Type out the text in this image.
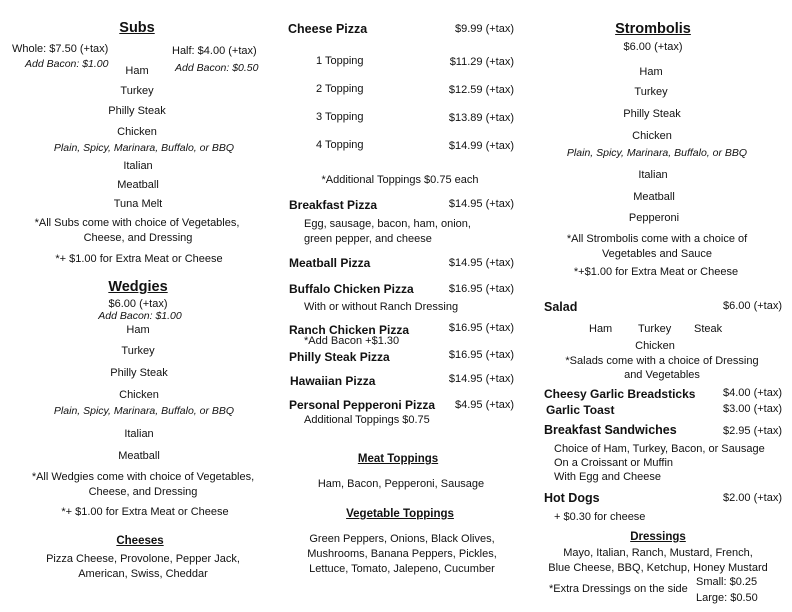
Subs
Whole: $7.50 (+tax)
Add Bacon: $1.00
Half: $4.00 (+tax)
Add Bacon: $0.50
Ham
Turkey
Philly Steak
Chicken
Plain, Spicy, Marinara, Buffalo, or BBQ
Italian
Meatball
Tuna Melt
*All Subs come with choice of Vegetables,
Cheese, and Dressing
*+ $1.00 for Extra Meat or Cheese
Wedgies
$6.00 (+tax)
Add Bacon: $1.00
Ham
Turkey
Philly Steak
Chicken
Plain, Spicy, Marinara, Buffalo, or BBQ
Italian
Meatball
*All Wedgies come with choice of Vegetables,
Cheese, and Dressing
*+ $1.00 for Extra Meat or Cheese
Cheeses
Pizza Cheese, Provolone, Pepper Jack,
American, Swiss, Cheddar
Cheese Pizza	$9.99 (+tax)
1 Topping	$11.29 (+tax)
2 Topping	$12.59 (+tax)
3 Topping	$13.89 (+tax)
4 Topping	$14.99 (+tax)
*Additional Toppings $0.75 each
Breakfast Pizza	$14.95 (+tax)
Egg, sausage, bacon, ham, onion,
green pepper, and cheese
Meatball Pizza	$14.95 (+tax)
Buffalo Chicken Pizza	$16.95 (+tax)
With or without Ranch Dressing
Ranch Chicken Pizza	$16.95 (+tax)
*Add Bacon +$1.30
Philly Steak Pizza	$16.95 (+tax)
Hawaiian Pizza	$14.95 (+tax)
Personal Pepperoni Pizza	$4.95 (+tax)
Additional Toppings $0.75
Meat Toppings
Ham, Bacon, Pepperoni, Sausage
Vegetable Toppings
Green Peppers, Onions, Black Olives,
Mushrooms, Banana Peppers, Pickles,
Lettuce, Tomato, Jalepeno, Cucumber
Strombolis
$6.00 (+tax)
Ham
Turkey
Philly Steak
Chicken
Plain, Spicy, Marinara, Buffalo, or BBQ
Italian
Meatball
Pepperoni
*All Strombolis come with a choice of
Vegetables and Sauce
*+$1.00 for Extra Meat or Cheese
Salad	$6.00 (+tax)
Ham Turkey Steak
Chicken
*Salads come with a choice of Dressing
and Vegetables
Cheesy Garlic Breadsticks	$4.00 (+tax)
Garlic Toast	$3.00 (+tax)
Breakfast Sandwiches	$2.95 (+tax)
Choice of Ham, Turkey, Bacon, or Sausage
On a Croissant or Muffin
With Egg and Cheese
Hot Dogs	$2.00 (+tax)
+ $0.30 for cheese
Dressings
Mayo, Italian, Ranch, Mustard, French,
Blue Cheese, BBQ, Ketchup, Honey Mustard
*Extra Dressings on the side
Small: $0.25
Large: $0.50
